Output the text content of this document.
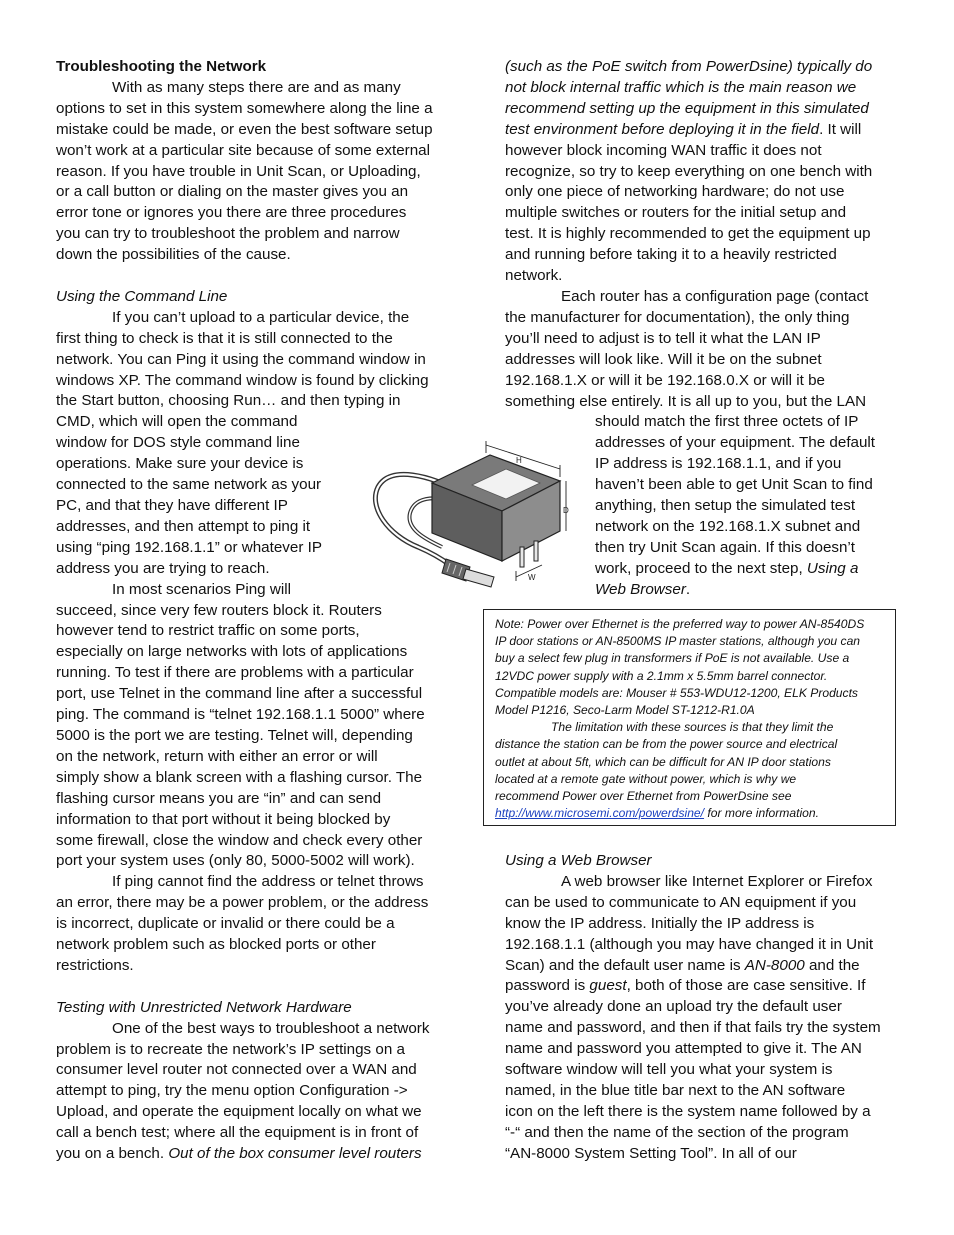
Troubleshooting the Network

With as many steps there are and as many

options to set in this system somewhere along the line a

mistake could be made, or even the best software setup

won’t work at a particular site because of some external

reason. If you have trouble in Unit Scan, or Uploading,

or a call button or dialing on the master gives you an

error tone or ignores you there are three procedures

you can try to troubleshoot the problem and narrow

down the possibilities of the cause.

Using the Command Line

If you can’t upload to a particular device, the

first thing to check is that it is still connected to the

network. You can Ping it using the command window in

windows XP. The command window is found by clicking

the Start button, choosing Run… and then typing in

CMD, which will open the command

window for DOS style command line

operations. Make sure your device is

connected to the same network as your

PC, and that they have different IP

addresses, and then attempt to ping it

using “ping 192.168.1.1” or whatever IP

address you are trying to reach.

In most scenarios Ping will

succeed, since very few routers block it. Routers

however tend to restrict traffic on some ports,

especially on large networks with lots of applications

running. To test if there are problems with a particular

port, use Telnet in the command line after a successful

ping. The command is “telnet 192.168.1.1 5000” where

5000 is the port we are testing. Telnet will, depending

on the network, return with either an error or will

simply show a blank screen with a flashing cursor. The

flashing cursor means you are “in” and can send

information to that port without it being blocked by

some firewall, close the window and check every other

port your system uses (only 80, 5000-5002 will work).

If ping cannot find the address or telnet throws

an error, there may be a power problem, or the address

is incorrect, duplicate or invalid or there could be a

network problem such as blocked ports or other

restrictions.

Testing with Unrestricted Network Hardware

One of the best ways to troubleshoot a network

problem is to recreate the network’s IP settings on a

consumer level router not connected over a WAN and

attempt to ping, try the menu option Configuration ->

Upload, and operate the equipment locally on what we

call a bench test; where all the equipment is in front of

you on a bench. Out of the box consumer level routers

(such as the PoE switch from PowerDsine) typically do

not block internal traffic which is the main reason we

recommend setting up the equipment in this simulated

test environment before deploying it in the field. It will

however block incoming WAN traffic it does not

recognize, so try to keep everything on one bench with

only one piece of networking hardware; do not use

multiple switches or routers for the initial setup and

test. It is highly recommended to get the equipment up

and running before taking it to a heavily restricted

network.

Each router has a configuration page (contact

the manufacturer for documentation), the only thing

you’ll need to adjust is to tell it what the LAN IP

addresses will look like. Will it be on the subnet

192.168.1.X or will it be 192.168.0.X or will it be

something else entirely. It is all up to you, but the LAN

should match the first three octets of IP

addresses of your equipment. The default

IP address is 192.168.1.1, and if you

haven’t been able to get Unit Scan to find

anything, then setup the simulated test

network on the 192.168.1.X subnet and

then try Unit Scan again. If this doesn’t

work, proceed to the next step, Using a

Web Browser.

Using a Web Browser

A web browser like Internet Explorer or Firefox

can be used to communicate to AN equipment if you

know the IP address. Initially the IP address is

192.168.1.1 (although you may have changed it in Unit

Scan) and the default user name is AN-8000 and the

password is guest, both of those are case sensitive. If

you’ve already done an upload try the default user

name and password, and then if that fails try the system

name and password you attempted to give it. The AN

software window will tell you what your system is

named, in the blue title bar next to the AN software

icon on the left there is the system name followed by a

“-“ and then the name of the section of the program

“AN-8000 System Setting Tool”. In all of our

H
D
W

Note: Power over Ethernet is the preferred way to power AN-8540DS

IP door stations or AN-8500MS IP master stations, although you can

buy a select few plug in transformers if PoE is not available. Use a

12VDC power supply with a 2.1mm x 5.5mm barrel connector.

Compatible models are: Mouser # 553-WDU12-1200, ELK Products

Model P1216, Seco-Larm Model ST-1212-R1.0A

The limitation with these sources is that they limit the

distance the station can be from the power source and electrical

outlet at about 5ft, which can be difficult for AN IP door stations

located at a remote gate without power, which is why we

recommend Power over Ethernet from PowerDsine see

http://www.microsemi.com/powerdsine/ for more information.
